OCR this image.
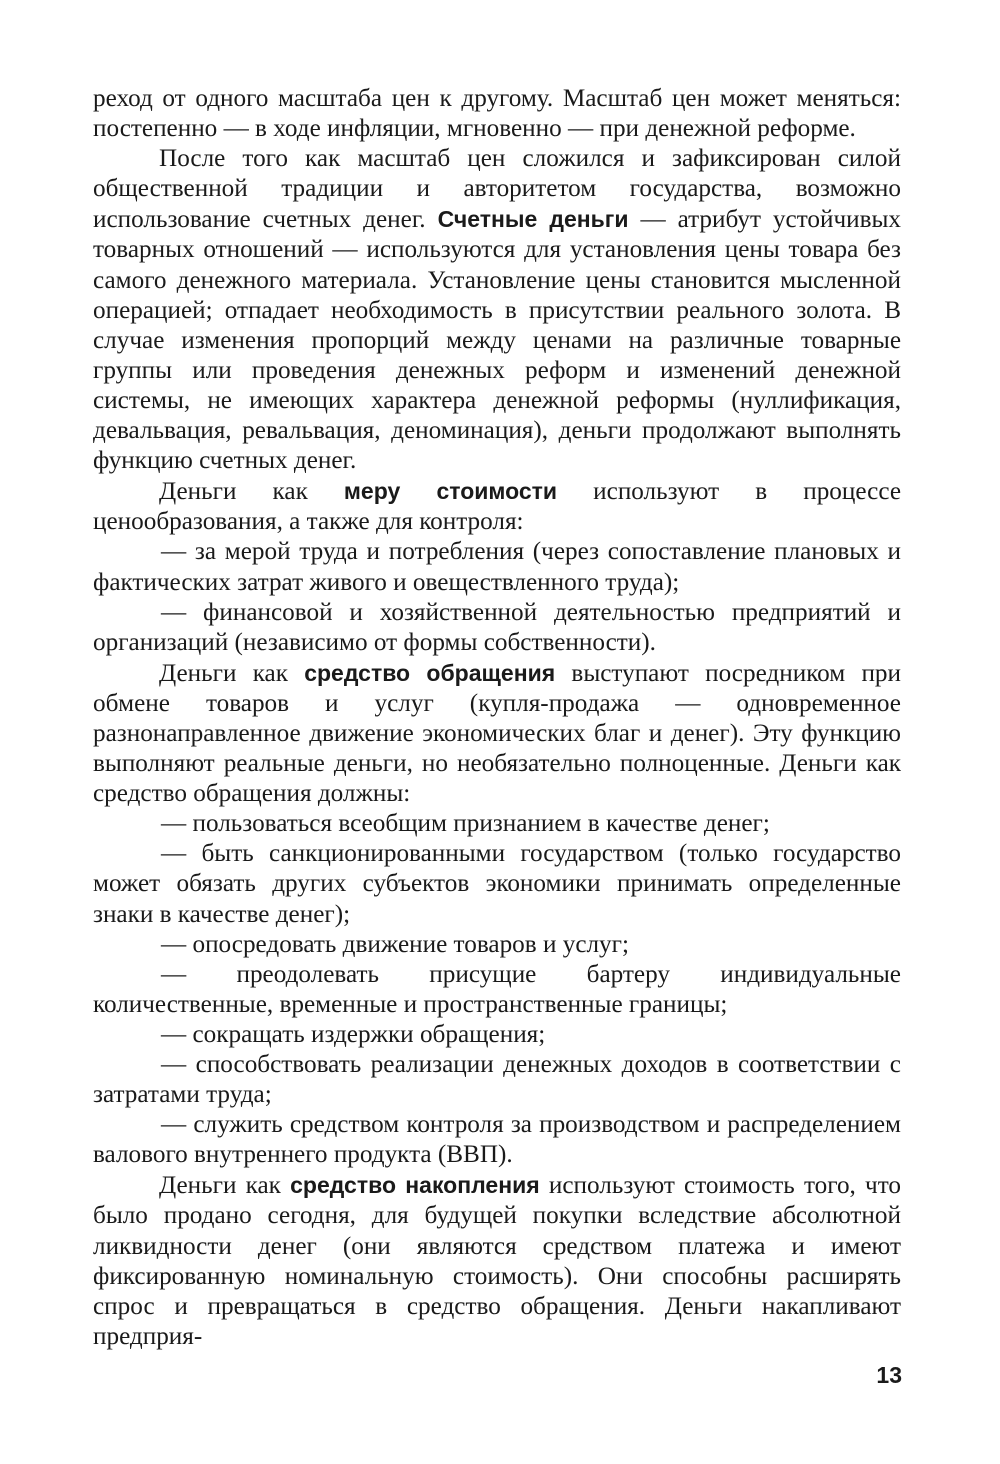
реход от одного масштаба цен к другому. Масштаб цен может меняться: постепенно — в ходе инфляции, мгновенно — при денежной реформе.

После того как масштаб цен сложился и зафиксирован силой общественной традиции и авторитетом государства, возможно использование счетных денег. Счетные деньги — атрибут устойчивых товарных отношений — используются для установления цены товара без самого денежного материала. Установление цены становится мысленной операцией; отпадает необходимость в присутствии реального золота. В случае изменения пропорций между ценами на различные товарные группы или проведения денежных реформ и изменений денежной системы, не имеющих характера денежной реформы (нуллификация, девальвация, ревальвация, деноминация), деньги продолжают выполнять функцию счетных денег.

Деньги как меру стоимости используют в процессе ценообразования, а также для контроля:

— за мерой труда и потребления (через сопоставление плановых и фактических затрат живого и овеществленного труда);

— финансовой и хозяйственной деятельностью предприятий и организаций (независимо от формы собственности).

Деньги как средство обращения выступают посредником при обмене товаров и услуг (купля-продажа — одновременное разнонаправленное движение экономических благ и денег). Эту функцию выполняют реальные деньги, но необязательно полноценные. Деньги как средство обращения должны:

— пользоваться всеобщим признанием в качестве денег;

— быть санкционированными государством (только государство может обязать других субъектов экономики принимать определенные знаки в качестве денег);

— опосредовать движение товаров и услуг;

— преодолевать присущие бартеру индивидуальные количественные, временные и пространственные границы;

— сокращать издержки обращения;

— способствовать реализации денежных доходов в соответствии с затратами труда;

— служить средством контроля за производством и распределением валового внутреннего продукта (ВВП).

Деньги как средство накопления используют стоимость того, что было продано сегодня, для будущей покупки вследствие абсолютной ликвидности денег (они являются средством платежа и имеют фиксированную номинальную стоимость). Они способны расширять спрос и превращаться в средство обращения. Деньги накапливают предприя-

13
